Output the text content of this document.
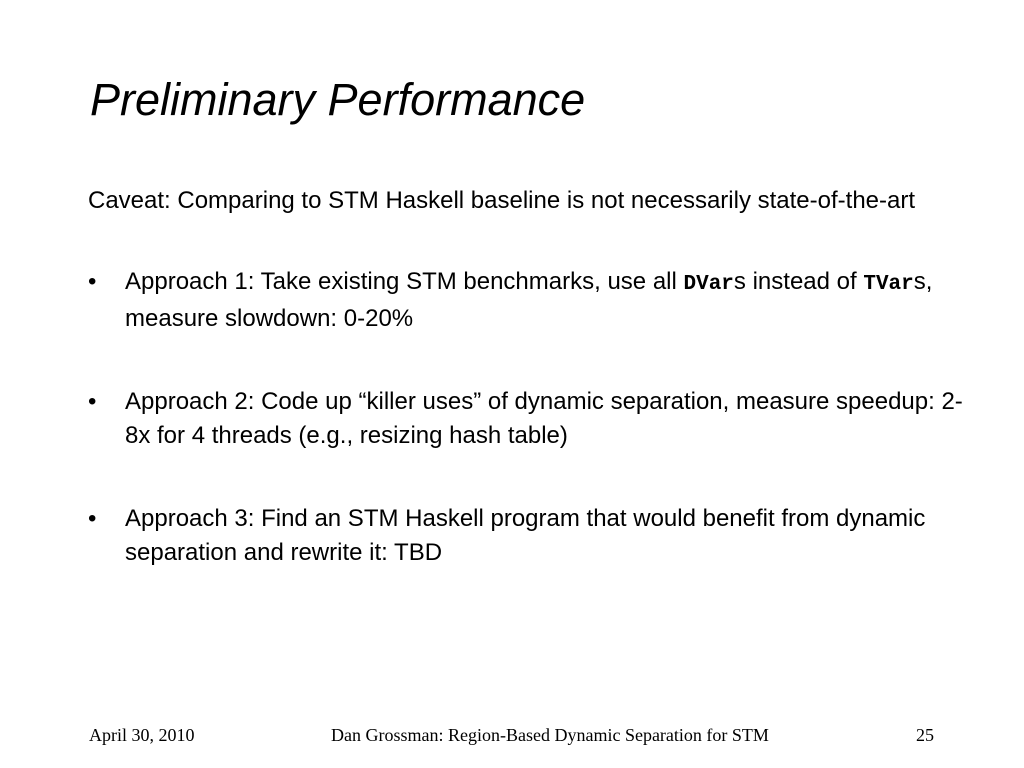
Preliminary Performance

Caveat: Comparing to STM Haskell baseline is not necessarily state-of-the-art

• Approach 1: Take existing STM benchmarks, use all DVars instead of TVars, measure slowdown: 0-20%
• Approach 2: Code up “killer uses” of dynamic separation, measure speedup: 2-8x for 4 threads (e.g., resizing hash table)
• Approach 3: Find an STM Haskell program that would benefit from dynamic separation and rewrite it: TBD
April 30, 2010	Dan Grossman: Region-Based Dynamic Separation for STM	25
